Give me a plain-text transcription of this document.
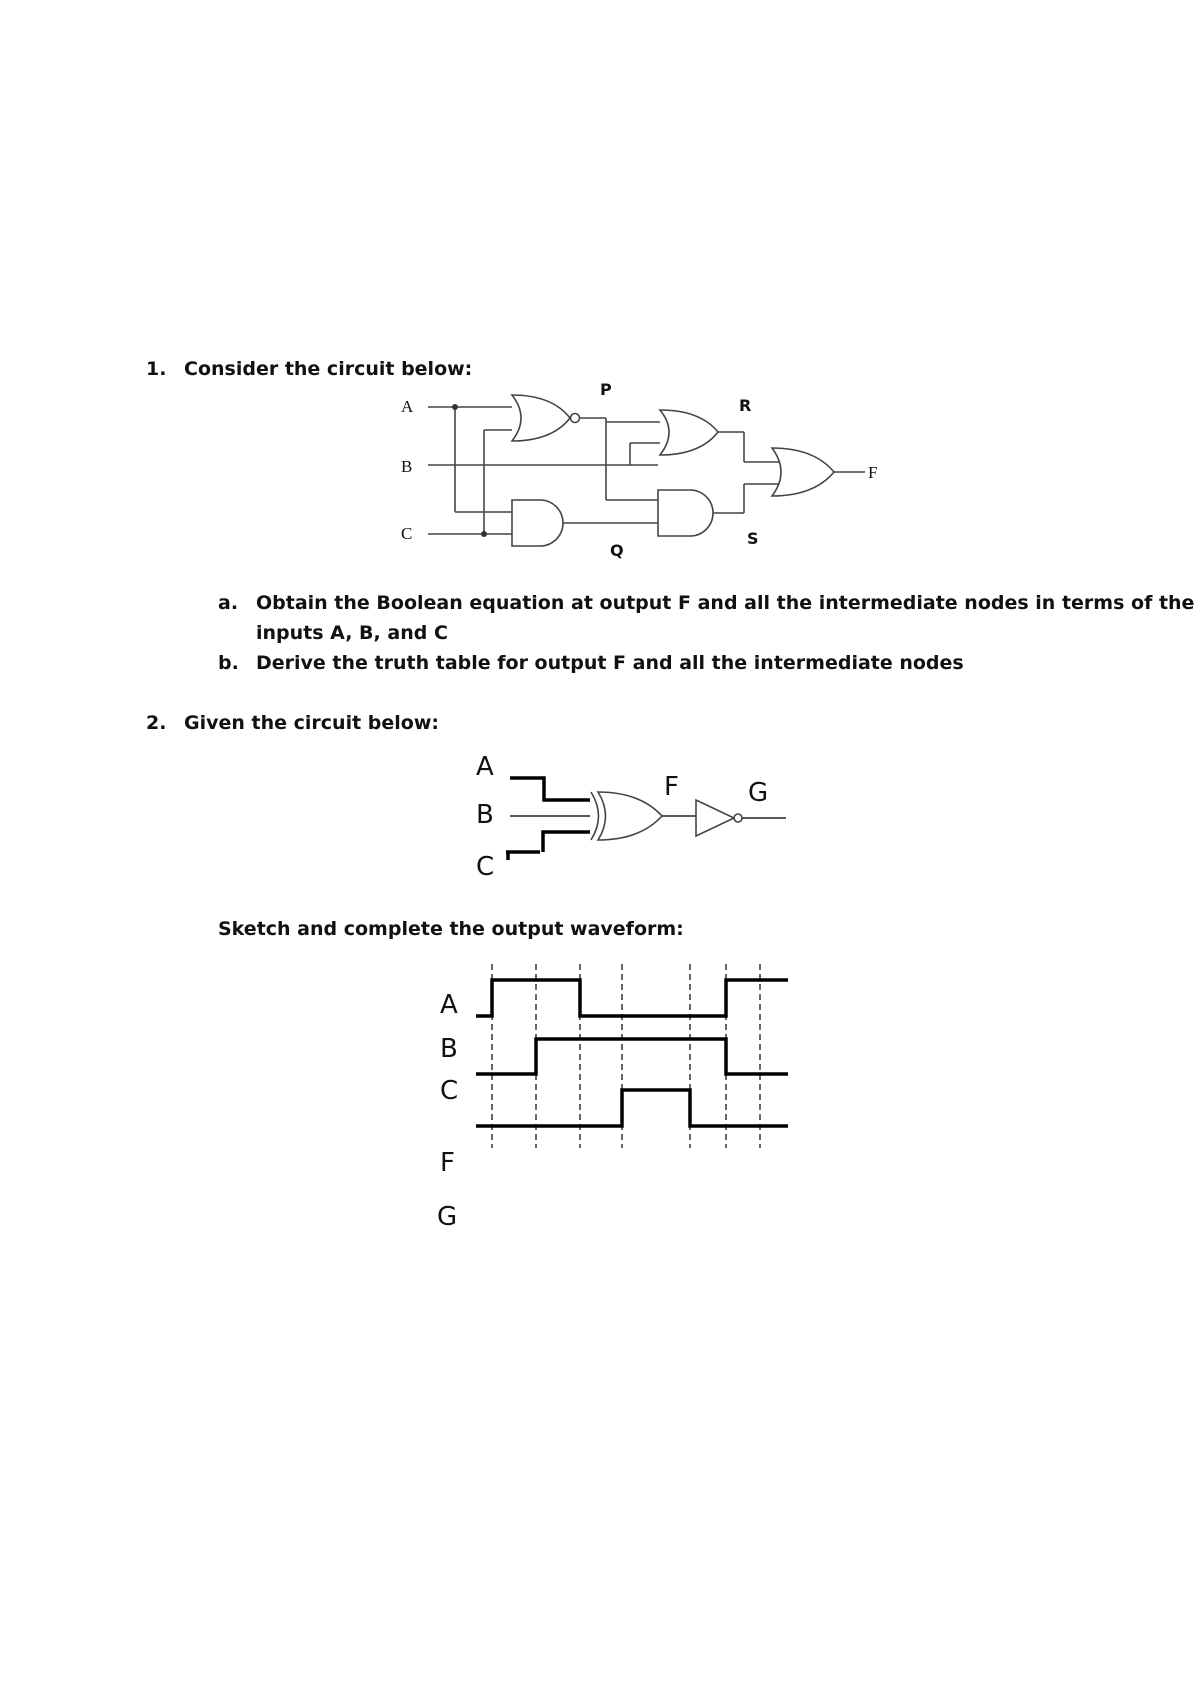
1. Consider the circuit below:
A
B
C
P
Q
R
S
F
a. Obtain the Boolean equation at output F and all the intermediate nodes in terms of the
inputs A, B, and C
b. Derive the truth table for output F and all the intermediate nodes
2. Given the circuit below:
A
B
C
F	G
Sketch and complete the output waveform:
A
B
C
F
G
